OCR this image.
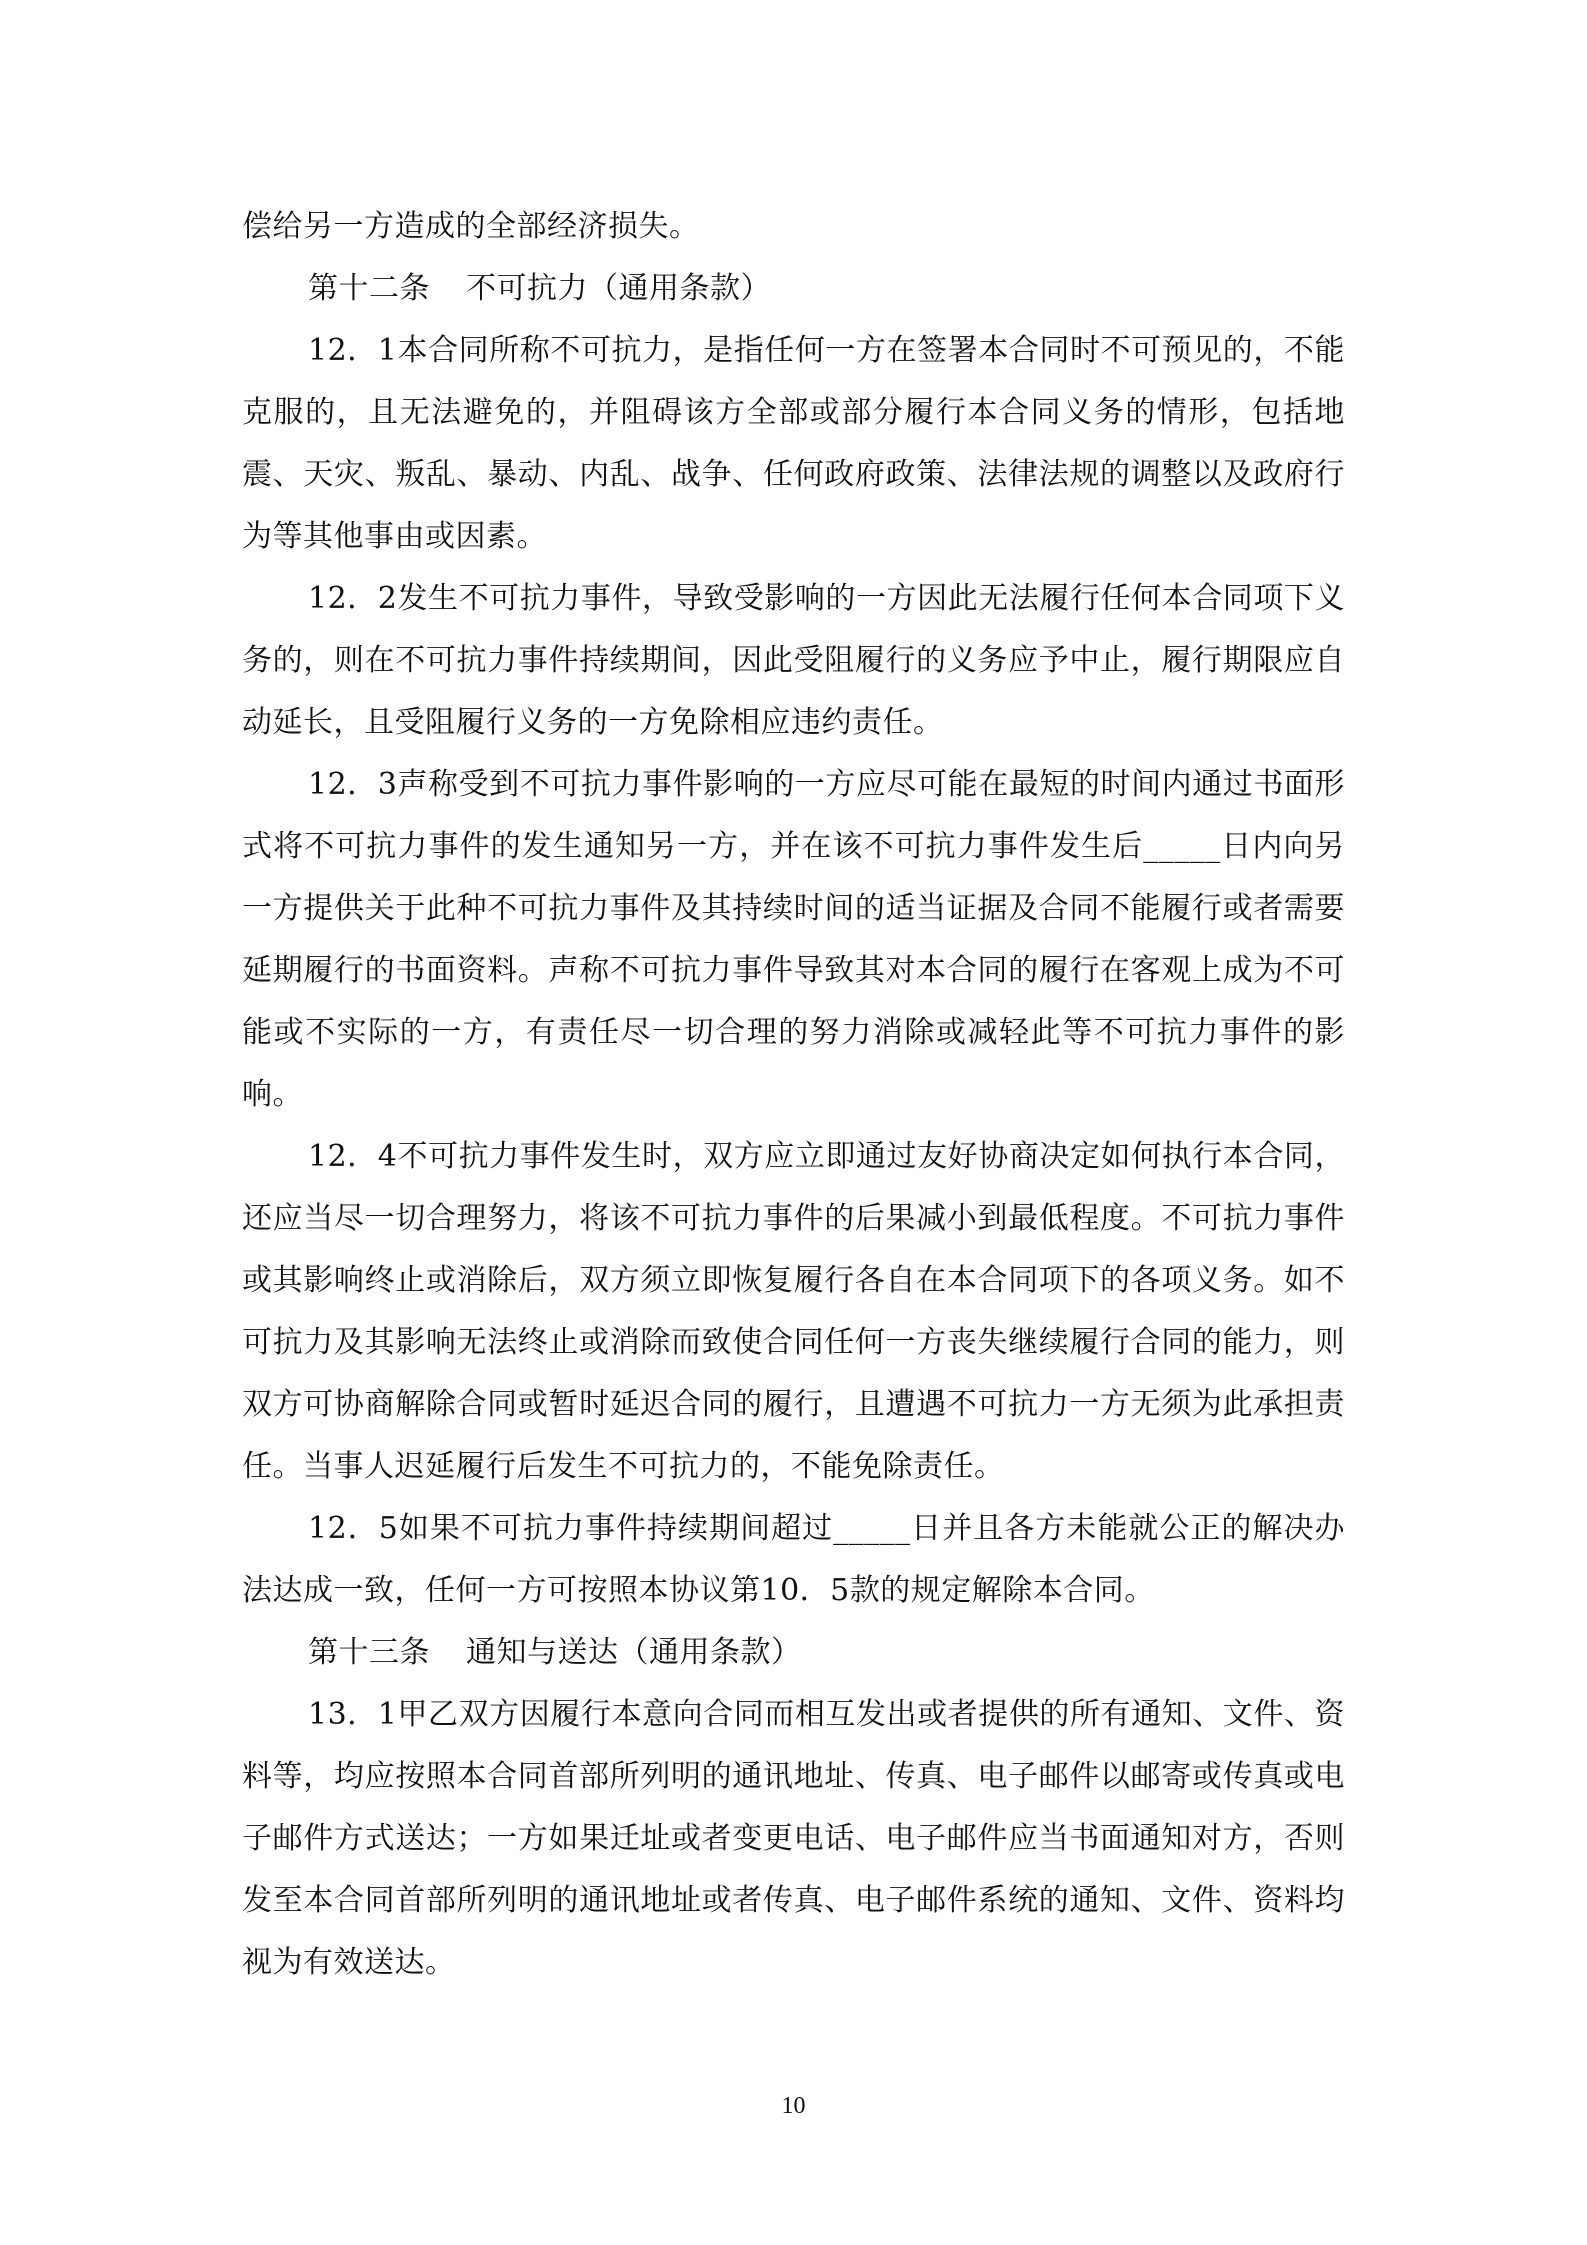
偿给另一方造成的全部经济损失。

第十二条 不可抗力（通用条款）

12．1本合同所称不可抗力，是指任何一方在签署本合同时不可预见的，不能克服的，且无法避免的，并阻碍该方全部或部分履行本合同义务的情形，包括地震、天灾、叛乱、暴动、内乱、战争、任何政府政策、法律法规的调整以及政府行为等其他事由或因素。

12．2发生不可抗力事件，导致受影响的一方因此无法履行任何本合同项下义务的，则在不可抗力事件持续期间，因此受阻履行的义务应予中止，履行期限应自动延长，且受阻履行义务的一方免除相应违约责任。

12．3声称受到不可抗力事件影响的一方应尽可能在最短的时间内通过书面形式将不可抗力事件的发生通知另一方，并在该不可抗力事件发生后_____日内向另一方提供关于此种不可抗力事件及其持续时间的适当证据及合同不能履行或者需要延期履行的书面资料。声称不可抗力事件导致其对本合同的履行在客观上成为不可能或不实际的一方，有责任尽一切合理的努力消除或减轻此等不可抗力事件的影响。

12．4不可抗力事件发生时，双方应立即通过友好协商决定如何执行本合同，还应当尽一切合理努力，将该不可抗力事件的后果减小到最低程度。不可抗力事件或其影响终止或消除后，双方须立即恢复履行各自在本合同项下的各项义务。如不可抗力及其影响无法终止或消除而致使合同任何一方丧失继续履行合同的能力，则双方可协商解除合同或暂时延迟合同的履行，且遭遇不可抗力一方无须为此承担责任。当事人迟延履行后发生不可抗力的，不能免除责任。

12．5如果不可抗力事件持续期间超过_____日并且各方未能就公正的解决办法达成一致，任何一方可按照本协议第10．5款的规定解除本合同。

第十三条 通知与送达（通用条款）

13．1甲乙双方因履行本意向合同而相互发出或者提供的所有通知、文件、资料等，均应按照本合同首部所列明的通讯地址、传真、电子邮件以邮寄或传真或电子邮件方式送达；一方如果迁址或者变更电话、电子邮件应当书面通知对方，否则发至本合同首部所列明的通讯地址或者传真、电子邮件系统的通知、文件、资料均视为有效送达。

10
